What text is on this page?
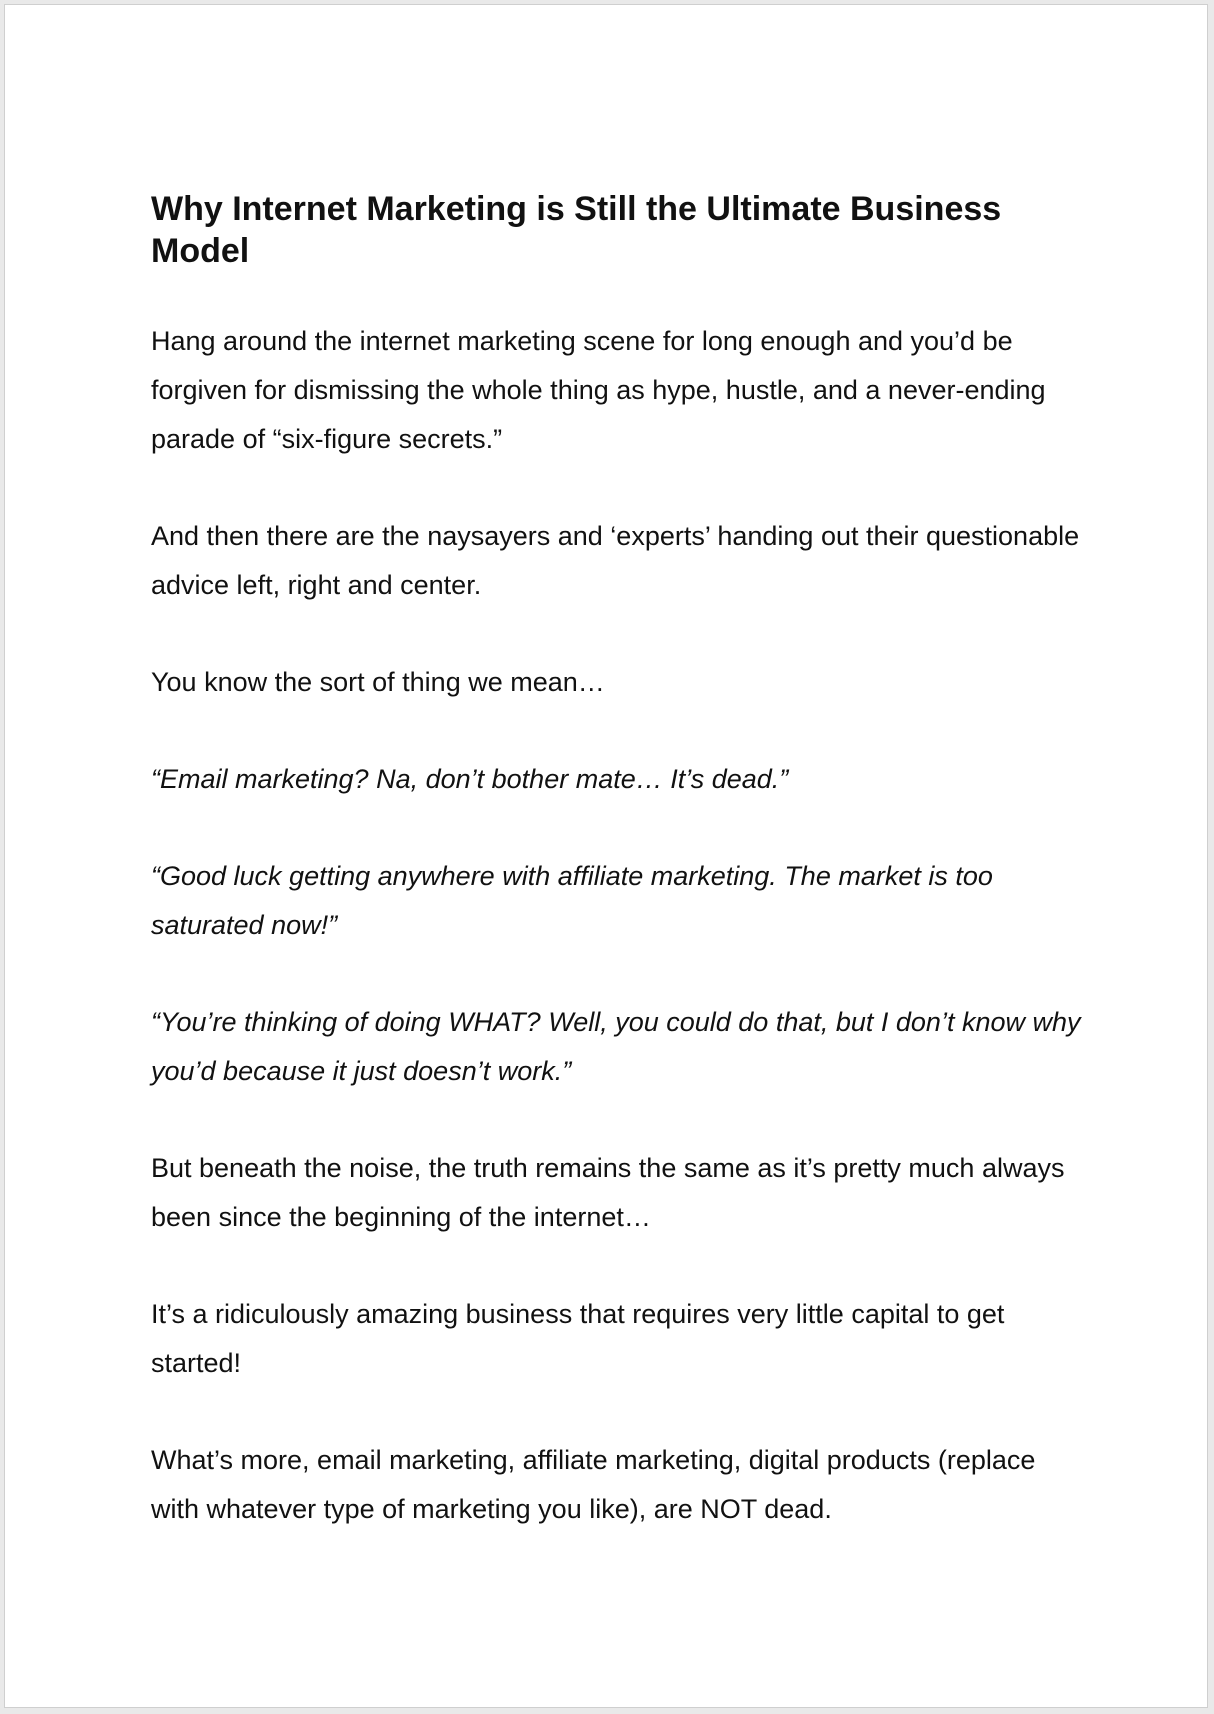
Why Internet Marketing is Still the Ultimate Business Model

Hang around the internet marketing scene for long enough and you’d be forgiven for dismissing the whole thing as hype, hustle, and a never-ending parade of “six-figure secrets.”

And then there are the naysayers and ‘experts’ handing out their questionable advice left, right and center.

You know the sort of thing we mean…

“Email marketing? Na, don’t bother mate… It’s dead.”

“Good luck getting anywhere with affiliate marketing. The market is too saturated now!”

“You’re thinking of doing WHAT? Well, you could do that, but I don’t know why you’d because it just doesn’t work.”

But beneath the noise, the truth remains the same as it’s pretty much always been since the beginning of the internet…

It’s a ridiculously amazing business that requires very little capital to get started!

What’s more, email marketing, affiliate marketing, digital products (replace with whatever type of marketing you like), are NOT dead.
